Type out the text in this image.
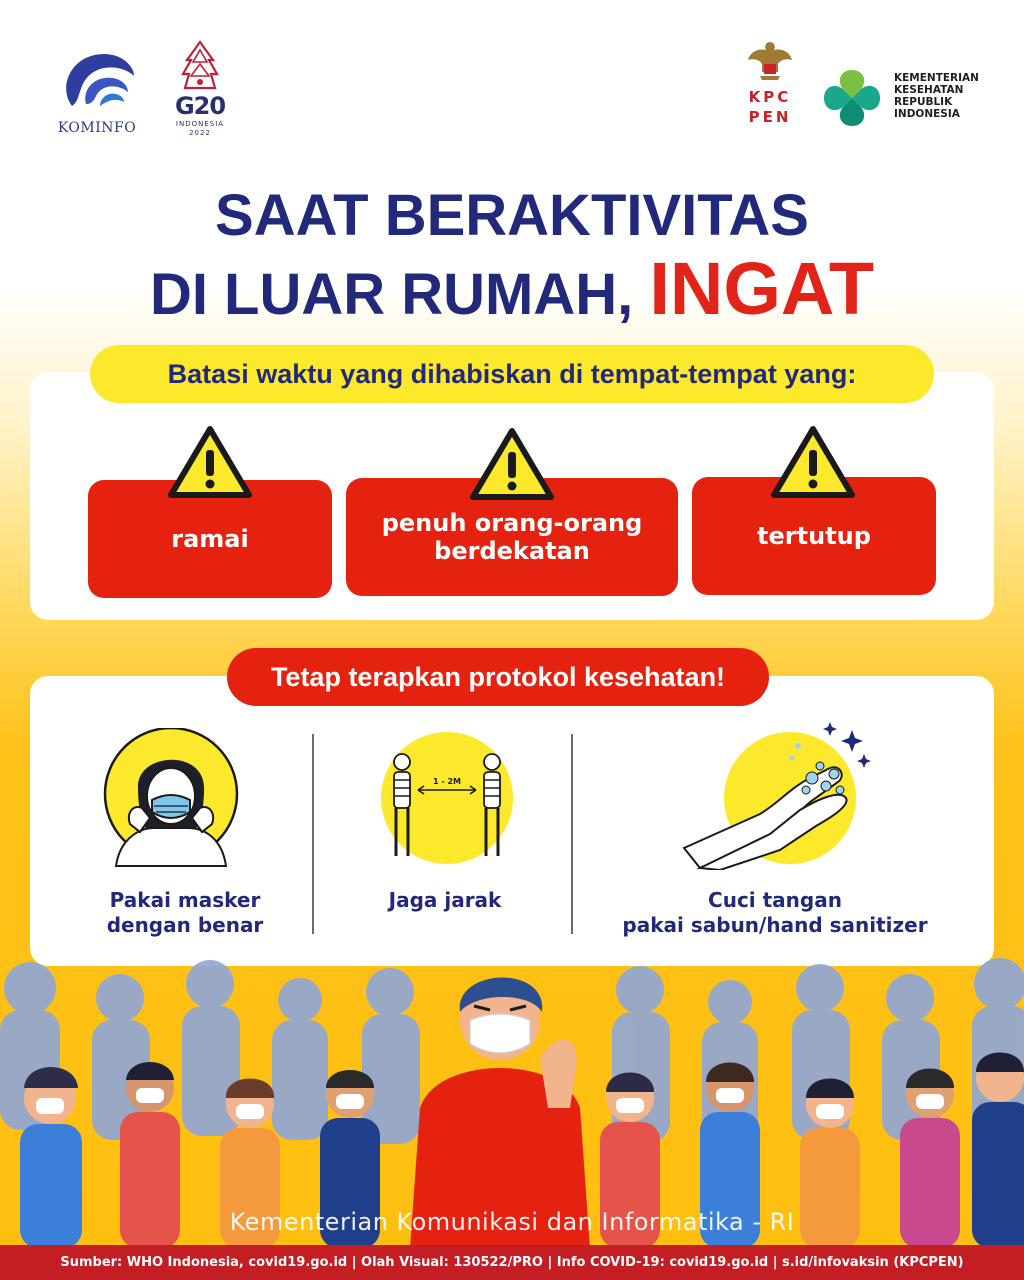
KOMINFO
G20
INDONESIA
2022
KPC
PEN
KEMENTERIAN
KESEHATAN
REPUBLIK
INDONESIA
SAAT BERAKTIVITAS
DI LUAR RUMAH, INGAT
Batasi waktu yang dihabiskan di tempat-tempat yang:
ramai
penuh orang-orang
berdekatan
tertutup
Tetap terapkan protokol kesehatan!
1 - 2M
Pakai masker
dengan benar
Jaga jarak	Cuci tangan
pakai sabun/hand sanitizer
Kementerian Komunikasi dan Informatika - RI
Sumber: WHO Indonesia, covid19.go.id | Olah Visual: 130522/PRO | Info COVID-19: covid19.go.id | s.id/infovaksin (KPCPEN)
